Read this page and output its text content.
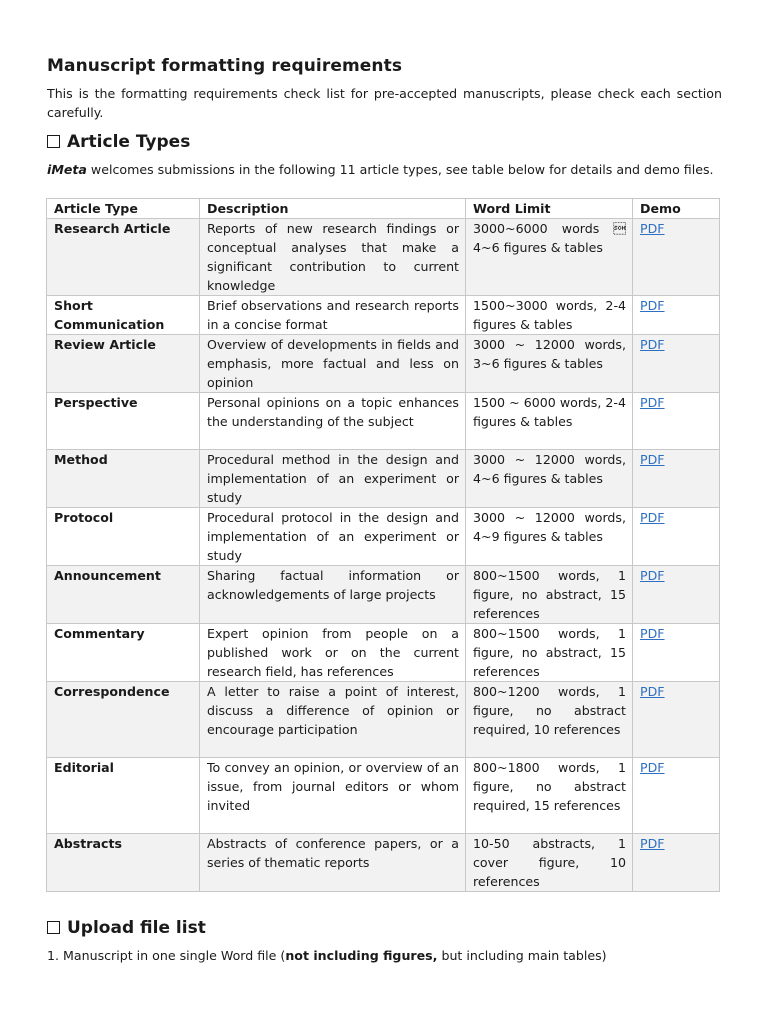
Manuscript formatting requirements

This is the formatting requirements check list for pre-accepted manuscripts, please check each section carefully.

Article Types

iMeta welcomes submissions in the following 11 article types, see table below for details and demo files.

Article Type	Description	Word Limit	Demo
Research Article	Reports of new research findings or conceptual analyses that make a significant contribution to current knowledge	3000~6000 words  4~6 figures & tables	PDF
Short Communication	Brief observations and research reports in a concise format	1500~3000 words, 2-4 figures & tables	PDF
Review Article	Overview of developments in fields and emphasis, more factual and less on opinion	3000 ~ 12000 words, 3~6 figures & tables	PDF
Perspective	Personal opinions on a topic enhances the understanding of the subject	1500 ~ 6000 words, 2-4 figures & tables	PDF
Method	Procedural method in the design and implementation of an experiment or study	3000 ~ 12000 words, 4~6 figures & tables	PDF
Protocol	Procedural protocol in the design and implementation of an experiment or study	3000 ~ 12000 words, 4~9 figures & tables	PDF
Announcement	Sharing factual information or acknowledgements of large projects	800~1500 words, 1 figure, no abstract, 15 references	PDF
Commentary	Expert opinion from people on a published work or on the current research field, has references	800~1500 words, 1 figure, no abstract, 15 references	PDF
Correspondence	A letter to raise a point of interest, discuss a difference of opinion or encourage participation	800~1200 words, 1 figure, no abstract required, 10 references	PDF
Editorial	To convey an opinion, or overview of an issue, from journal editors or whom invited	800~1800 words, 1 figure, no abstract required, 15 references	PDF
Abstracts	Abstracts of conference papers, or a series of thematic reports	10-50 abstracts, 1 cover figure, 10 references	PDF
Upload file list

1. Manuscript in one single Word file (not including figures, but including main tables)
